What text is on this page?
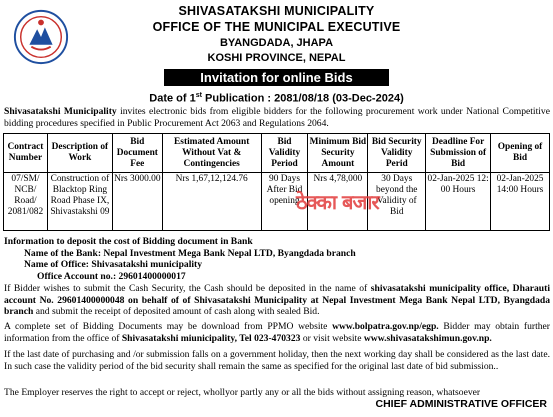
SHIVASATAKSHI MUNICIPALITY
OFFICE OF THE MUNICIPAL EXECUTIVE
BYANGDADA, JHAPA
KOSHI PROVINCE, NEPAL
Invitation for online Bids
Date of 1st Publication : 2081/08/18 (03-Dec-2024)
Shivasatakshi Municipality invites electronic bids from eligible bidders for the following procurement work under National Competitive bidding procedures specified in Public Procurement Act 2063 and Regulations 2064.
Contract Number	Description of Work	Bid Document Fee	Estimated Amount Without Vat & Contingencies	Bid Validity Period	Minimum Bid Security Amount	Bid Security Validity Perid	Deadline For Submission of Bid	Opening of Bid
07/SM/ NCB/ Road/ 2081/082	Construction of Blacktop Ring Road Phase IX, Shivastakshi 09	Nrs 3000.00	Nrs 1,67,12,124.76	90 Days After Bid opening	Nrs 4,78,000	30 Days beyond the Validity of Bid	02-Jan-2025 12: 00 Hours	02-Jan-2025 14:00 Hours
ठेक्का बजार
Information to deposit the cost of Bidding document in Bank
Name of the Bank: Nepal Investment Mega Bank Nepal LTD, Byangdada branch
Name of Office: Shivasatakshi municipality
Office Account no.: 29601400000017
If Bidder wishes to submit the Cash Security, the Cash should be deposited in the name of shivasatakshi municipality office, Dharauti account No. 29601400000048 on behalf of of Shivasatakshi Municipality at Nepal Investment Mega Bank Nepal LTD, Byangdada branch and submit the receipt of deposited amount of cash along with sealed Bid.
A complete set of Bidding Documents may be download from PPMO website www.bolpatra.gov.np/egp. Bidder may obtain further information from the office of Shivasatakshi miunicipality, Tel 023-470323 or visit website www.shivasatakshimun.gov.np.
If the last date of purchasing and /or submission falls on a government holiday, then the next working day shall be considered as the last date. In such case the validity period of the bid security shall remain the same as specified for the original last date of bid submission..
The Employer reserves the right to accept or reject, whollyor partly any or all the bids without assigning reason, whatsoever
CHIEF ADMINISTRATIVE OFFICER
